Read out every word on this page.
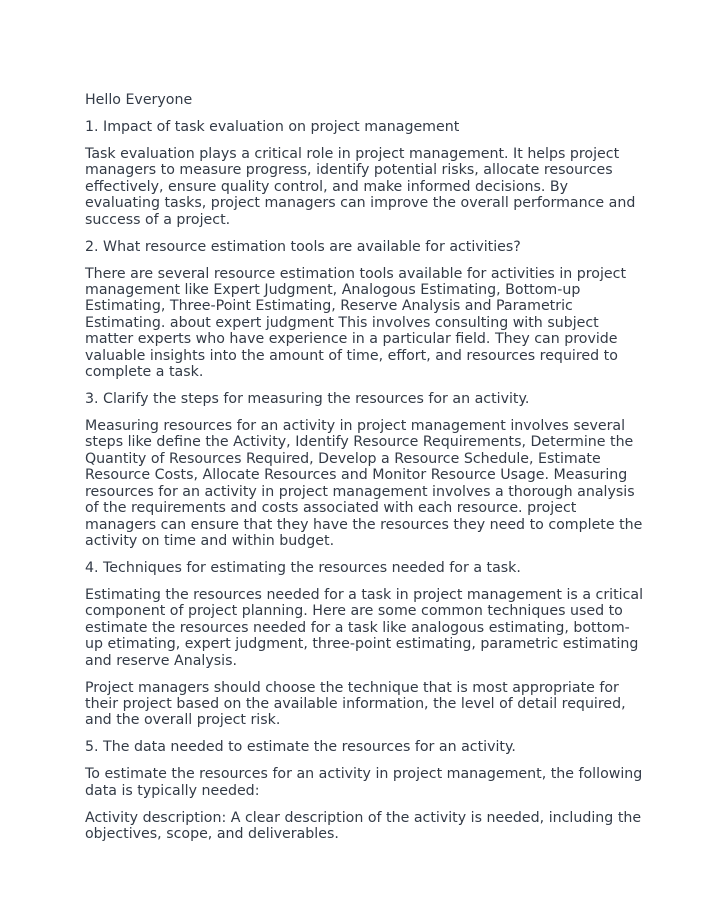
Hello Everyone

1. Impact of task evaluation on project management

Task evaluation plays a critical role in project management. It helps project managers to measure progress, identify potential risks, allocate resources effectively, ensure quality control, and make informed decisions. By evaluating tasks, project managers can improve the overall performance and success of a project.

2. What resource estimation tools are available for activities?

There are several resource estimation tools available for activities in project management like Expert Judgment, Analogous Estimating, Bottom-up Estimating, Three-Point Estimating, Reserve Analysis and Parametric Estimating. about expert judgment This involves consulting with subject matter experts who have experience in a particular field. They can provide valuable insights into the amount of time, effort, and resources required to complete a task.

3. Clarify the steps for measuring the resources for an activity.

Measuring resources for an activity in project management involves several steps like define the Activity, Identify Resource Requirements, Determine the Quantity of Resources Required, Develop a Resource Schedule, Estimate Resource Costs, Allocate Resources and Monitor Resource Usage. Measuring resources for an activity in project management involves a thorough analysis of the requirements and costs associated with each resource. project managers can ensure that they have the resources they need to complete the activity on time and within budget.

4. Techniques for estimating the resources needed for a task.

Estimating the resources needed for a task in project management is a critical component of project planning. Here are some common techniques used to estimate the resources needed for a task like analogous estimating, bottom-up etimating, expert judgment, three-point estimating, parametric estimating and reserve Analysis.

Project managers should choose the technique that is most appropriate for their project based on the available information, the level of detail required, and the overall project risk.

5. The data needed to estimate the resources for an activity.

To estimate the resources for an activity in project management, the following data is typically needed:

Activity description: A clear description of the activity is needed, including the objectives, scope, and deliverables.
